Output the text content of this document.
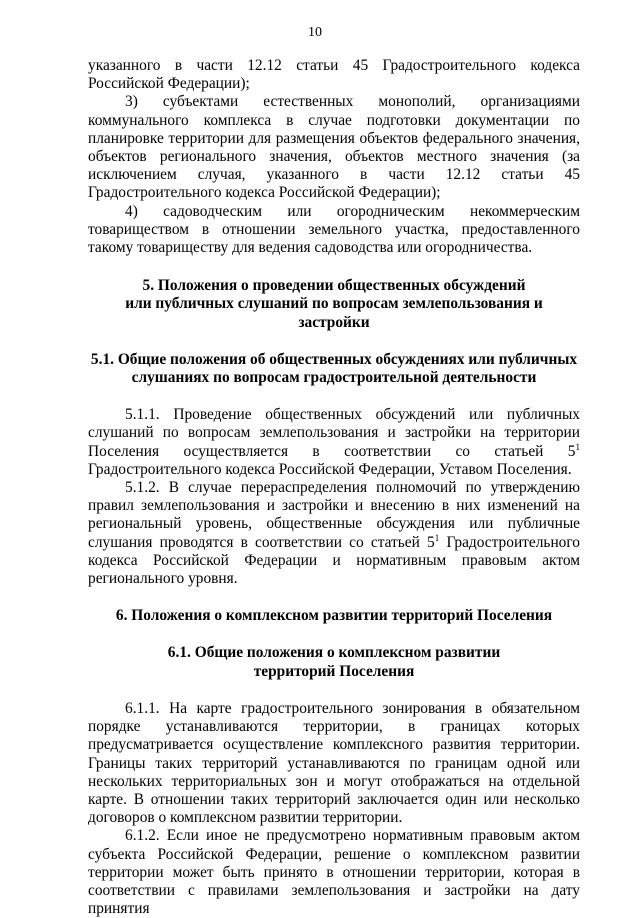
10

указанного в части 12.12 статьи 45 Градостроительного кодекса Российской Федерации);

3) субъектами естественных монополий, организациями коммунального комплекса в случае подготовки документации по планировке территории для размещения объектов федерального значения, объектов регионального значения, объектов местного значения (за исключением случая, указанного в части 12.12 статьи 45 Градостроительного кодекса Российской Федерации);

4) садоводческим или огородническим некоммерческим товариществом в отношении земельного участка, предоставленного такому товариществу для ведения садоводства или огородничества.

5. Положения о проведении общественных обсуждений
или публичных слушаний по вопросам землепользования и застройки

5.1. Общие положения об общественных обсуждениях или публичных
слушаниях по вопросам градостроительной деятельности

5.1.1. Проведение общественных обсуждений или публичных слушаний по вопросам землепользования и застройки на территории Поселения осуществляется в соответствии со статьей $5^1$ Градостроительного кодекса Российской Федерации, Уставом Поселения.

5.1.2. В случае перераспределения полномочий по утверждению правил землепользования и застройки и внесению в них изменений на региональный уровень, общественные обсуждения или публичные слушания проводятся в соответствии со статьей $5^1$ Градостроительного кодекса Российской Федерации и нормативным правовым актом регионального уровня.

6. Положения о комплексном развитии территорий Поселения

6.1. Общие положения о комплексном развитии
территорий Поселения

6.1.1. На карте градостроительного зонирования в обязательном порядке устанавливаются территории, в границах которых предусматривается осуществление комплексного развития территории. Границы таких территорий устанавливаются по границам одной или нескольких территориальных зон и могут отображаться на отдельной карте. В отношении таких территорий заключается один или несколько договоров о комплексном развитии территории.

6.1.2. Если иное не предусмотрено нормативным правовым актом субъекта Российской Федерации, решение о комплексном развитии территории может быть принято в отношении территории, которая в соответствии с правилами землепользования и застройки на дату принятия
